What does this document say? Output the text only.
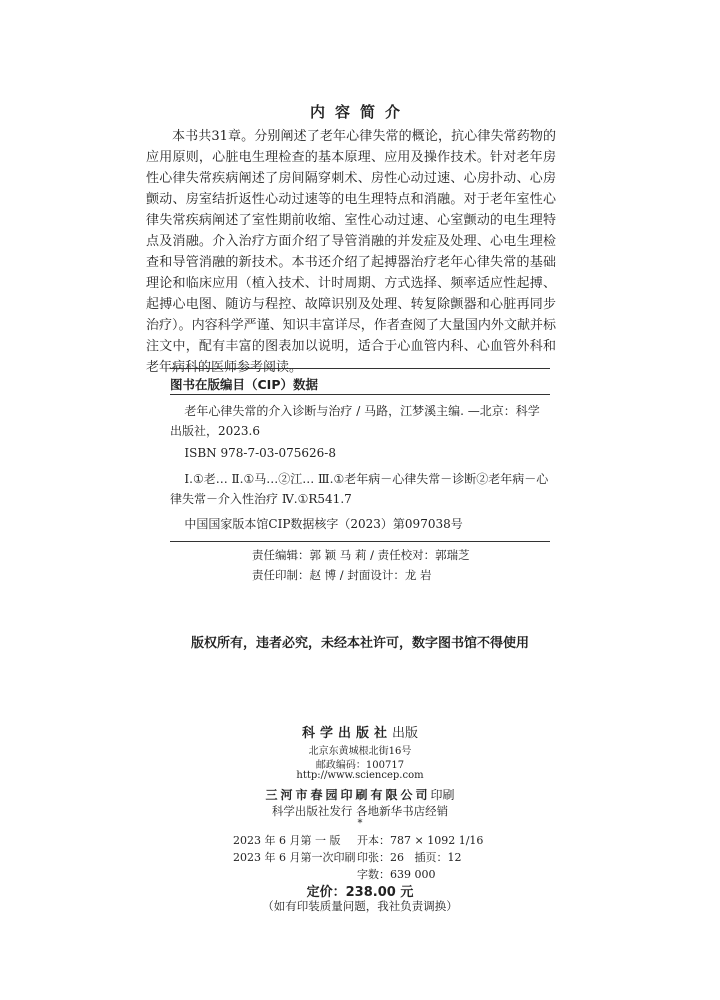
内容简介

本书共31章。分别阐述了老年心律失常的概论，抗心律失常药物的应用原则，心脏电生理检查的基本原理、应用及操作技术。针对老年房性心律失常疾病阐述了房间隔穿刺术、房性心动过速、心房扑动、心房颤动、房室结折返性心动过速等的电生理特点和消融。对于老年室性心律失常疾病阐述了室性期前收缩、室性心动过速、心室颤动的电生理特点及消融。介入治疗方面介绍了导管消融的并发症及处理、心电生理检查和导管消融的新技术。本书还介绍了起搏器治疗老年心律失常的基础理论和临床应用（植入技术、计时周期、方式选择、频率适应性起搏、起搏心电图、随访与程控、故障识别及处理、转复除颤器和心脏再同步治疗）。内容科学严谨、知识丰富详尽，作者查阅了大量国内外文献并标注文中，配有丰富的图表加以说明，适合于心血管内科、心血管外科和老年病科的医师参考阅读。

图书在版编目（CIP）数据
老年心律失常的介入诊断与治疗 / 马路，江梦溪主编. —北京：科学出版社，2023.6
ISBN 978-7-03-075626-8
Ⅰ.①老… Ⅱ.①马…②江… Ⅲ.①老年病－心律失常－诊断②老年病－心律失常－介入性治疗 Ⅳ.①R541.7
中国国家版本馆CIP数据核字（2023）第097038号
责任编辑：郭 颖 马 莉 / 责任校对：郭瑞芝
责任印制：赵 博 / 封面设计：龙 岩
版权所有，违者必究，未经本社许可，数字图书馆不得使用
科学出版社出版
北京东黄城根北街16号
邮政编码：100717
http://www.sciencep.com
三河市春园印刷有限公司印刷
科学出版社发行 各地新华书店经销
*
2023 年 6 月第 一 版 开本：787 × 1092 1/16
2023 年 6 月第一次印刷 印张：26 插页：12
字数：639 000
定价：238.00 元
（如有印装质量问题，我社负责调换）
